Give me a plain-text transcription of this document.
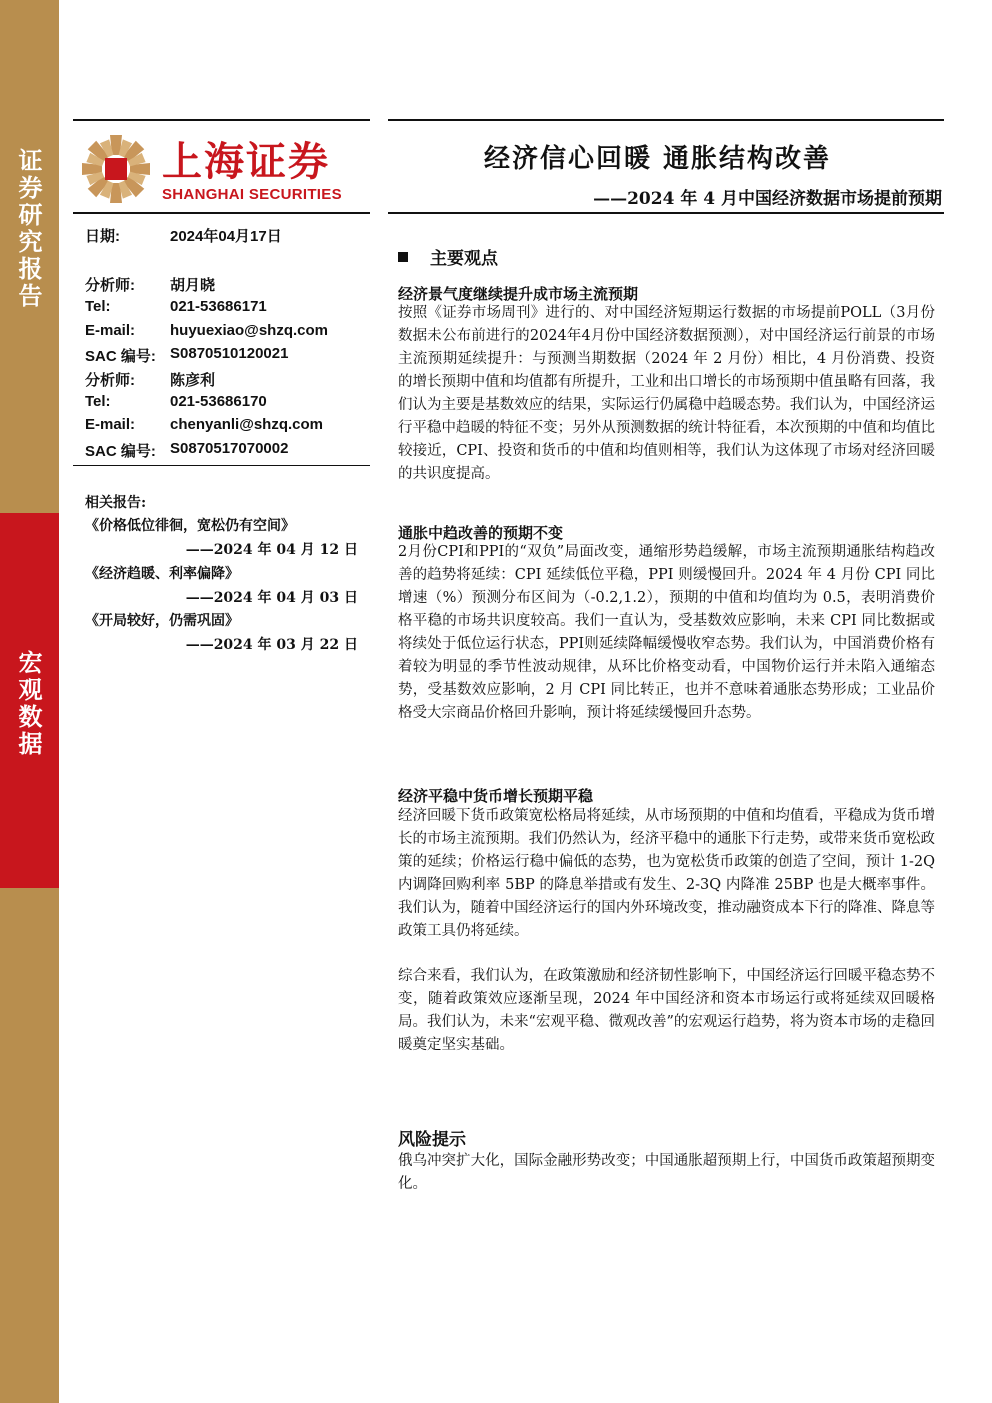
证券研究报告
宏观数据
上海证券
SHANGHAI SECURITIES
经济信心回暖 通胀结构改善
——2024 年 4 月中国经济数据市场提前预期
日期:	2024年04月17日
分析师: 胡月晓
Tel:	021-53686171
E-mail: huyuexiao@shzq.com
SAC 编号: S0870510120021
分析师: 陈彦利
Tel:	021-53686170
E-mail: chenyanli@shzq.com
SAC 编号: S0870517070002
相关报告:
《价格低位徘徊，宽松仍有空间》
——2024 年 04 月 12 日
《经济趋暖、利率偏降》
——2024 年 04 月 03 日
《开局较好，仍需巩固》
——2024 年 03 月 22 日
主要观点
经济景气度继续提升成市场主流预期
按照《证券市场周刊》进行的、对中国经济短期运行数据的市场提前POLL（3月份数据未公布前进行的2024年4月份中国经济数据预测），对中国经济运行前景的市场主流预期延续提升：与预测当期数据（2024 年 2 月份）相比，4 月份消费、投资的增长预期中值和均值都有所提升，工业和出口增长的市场预期中值虽略有回落，我们认为主要是基数效应的结果，实际运行仍属稳中趋暖态势。我们认为，中国经济运行平稳中趋暖的特征不变；另外从预测数据的统计特征看，本次预期的中值和均值比较接近，CPI、投资和货币的中值和均值则相等，我们认为这体现了市场对经济回暖的共识度提高。
通胀中趋改善的预期不变
2月份CPI和PPI的“双负”局面改变，通缩形势趋缓解，市场主流预期通胀结构趋改善的趋势将延续：CPI 延续低位平稳，PPI 则缓慢回升。2024 年 4 月份 CPI 同比增速（%）预测分布区间为（-0.2,1.2），预期的中值和均值均为 0.5，表明消费价格平稳的市场共识度较高。我们一直认为，受基数效应影响，未来 CPI 同比数据或将续处于低位运行状态，PPI则延续降幅缓慢收窄态势。我们认为，中国消费价格有着较为明显的季节性波动规律，从环比价格变动看，中国物价运行并未陷入通缩态势，受基数效应影响，2 月 CPI 同比转正，也并不意味着通胀态势形成；工业品价格受大宗商品价格回升影响，预计将延续缓慢回升态势。
经济平稳中货币增长预期平稳
经济回暖下货币政策宽松格局将延续，从市场预期的中值和均值看，平稳成为货币增长的市场主流预期。我们仍然认为，经济平稳中的通胀下行走势，或带来货币宽松政策的延续；价格运行稳中偏低的态势，也为宽松货币政策的创造了空间，预计 1-2Q 内调降回购利率 5BP 的降息举措或有发生、2-3Q 内降准 25BP 也是大概率事件。我们认为，随着中国经济运行的国内外环境改变，推动融资成本下行的降准、降息等政策工具仍将延续。
综合来看，我们认为，在政策激励和经济韧性影响下，中国经济运行回暖平稳态势不变，随着政策效应逐渐呈现，2024 年中国经济和资本市场运行或将延续双回暖格局。我们认为，未来“宏观平稳、微观改善”的宏观运行趋势，将为资本市场的走稳回暖奠定坚实基础。
风险提示
俄乌冲突扩大化，国际金融形势改变；中国通胀超预期上行，中国货币政策超预期变化。
